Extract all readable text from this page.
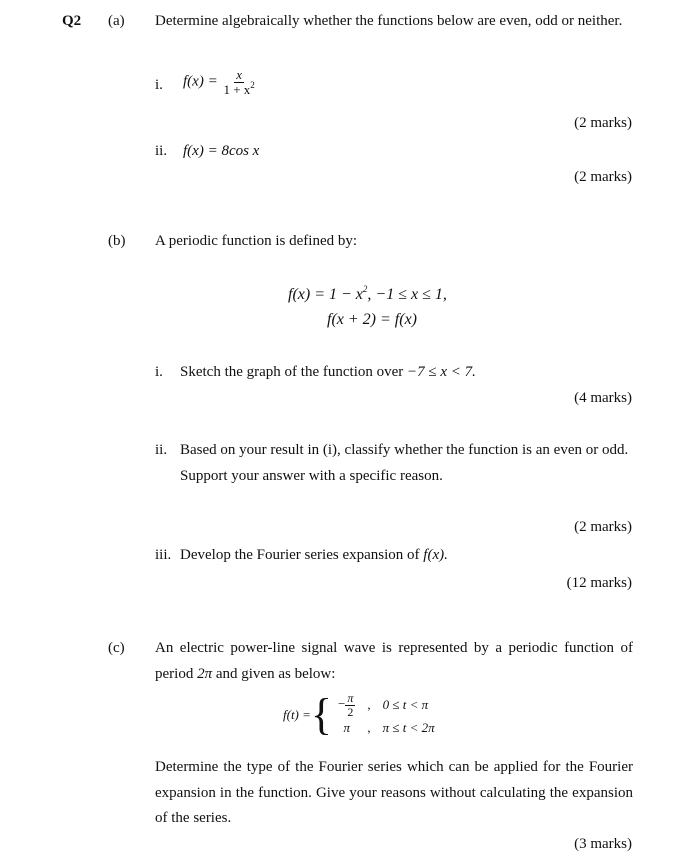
Q2 (a) Determine algebraically whether the functions below are even, odd or neither.
i. $f(x) = \frac{x}{1 + x^2}$
(2 marks)
ii. f(x) = 8cos x
(2 marks)
(b) A periodic function is defined by:
$f(x) = 1 - x^2$, −1 ≤ x ≤ 1,
f(x + 2) = f(x)
i. Sketch the graph of the function over −7 ≤ x < 7.
(4 marks)
ii. Based on your result in (i), classify whether the function is an even or odd.
Support your answer with a specific reason.
(2 marks)
iii. Develop the Fourier series expansion of f(x).
(12 marks)
(c) An electric power-line signal wave is represented by a periodic function of
period 2π and given as below:
f(t) = { − $\frac{\pi}{2}$	,	0 ≤ t < π
π	,	π ≤ t < 2π
Determine the type of the Fourier series which can be applied for the Fourier
expansion in the function. Give your reasons without calculating the expansion
of the series.
(3 marks)
